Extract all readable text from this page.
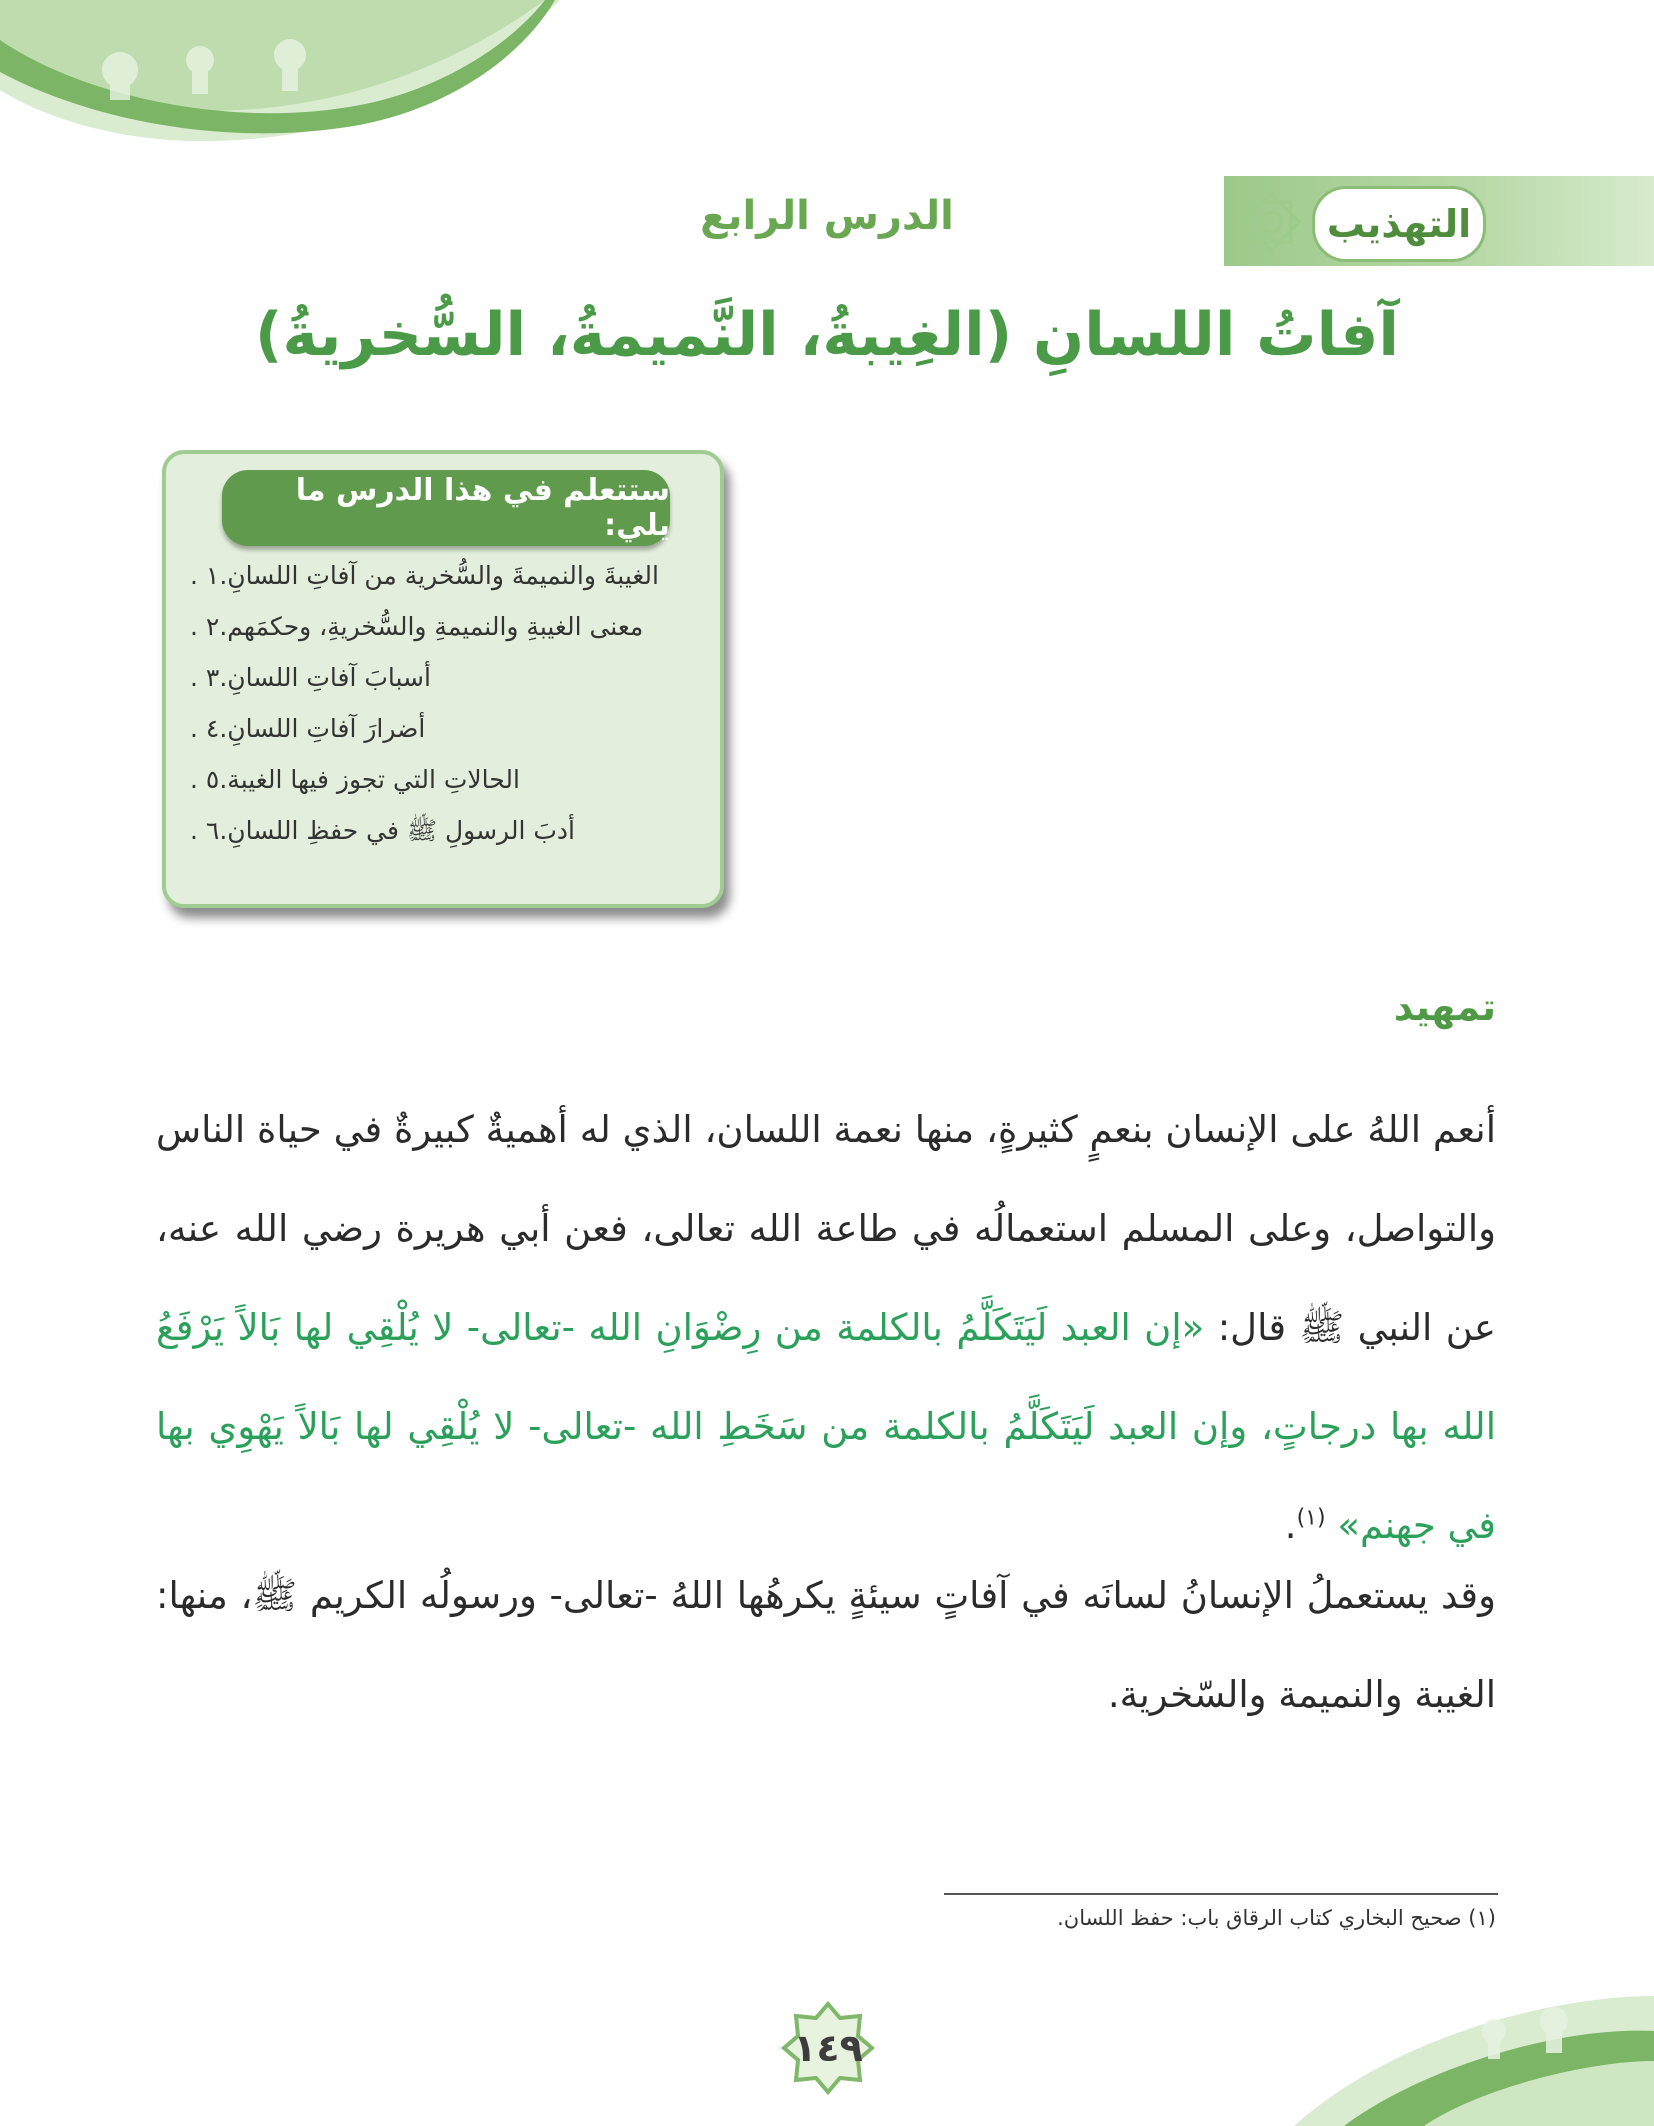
التهذيب
الدرس الرابع
آفاتُ اللسانِ (الغِيبةُ، النَّميمةُ، السُّخريةُ)
ستتعلم في هذا الدرس ما يلي:
١ . الغيبةَ والنميمةَ والسُّخرية من آفاتِ اللسانِ.
٢ . معنى الغيبةِ والنميمةِ والسُّخريةِ، وحكمَهم.
٣ . أسبابَ آفاتِ اللسانِ.
٤ . أضرارَ آفاتِ اللسانِ.
٥ . الحالاتِ التي تجوز فيها الغيبة.
٦ . أدبَ الرسولِ ﷺ في حفظِ اللسانِ.
تمهيد
أنعم اللهُ على الإنسان بنعمٍ كثيرةٍ، منها نعمة اللسان، الذي له أهميةٌ كبيرةٌ في حياة الناس والتواصل، وعلى المسلم استعمالُه في طاعة الله تعالى، فعن أبي هريرة رضي الله عنه، عن النبي ﷺ قال: «إن العبد لَيَتَكَلَّمُ بالكلمة من رِضْوَانِ الله -تعالى- لا يُلْقِي لها بَالاً يَرْفَعُ الله بها درجاتٍ، وإن العبد لَيَتَكَلَّمُ بالكلمة من سَخَطِ الله -تعالى- لا يُلْقِي لها بَالاً يَهْوِي بها في جهنم» $^{(١)}$.
وقد يستعملُ الإنسانُ لسانَه في آفاتٍ سيئةٍ يكرهُها اللهُ -تعالى- ورسولُه الكريم ﷺ، منها: الغيبة والنميمة والسّخرية.
(١) صحيح البخاري كتاب الرقاق باب: حفظ اللسان.
١٤٩
